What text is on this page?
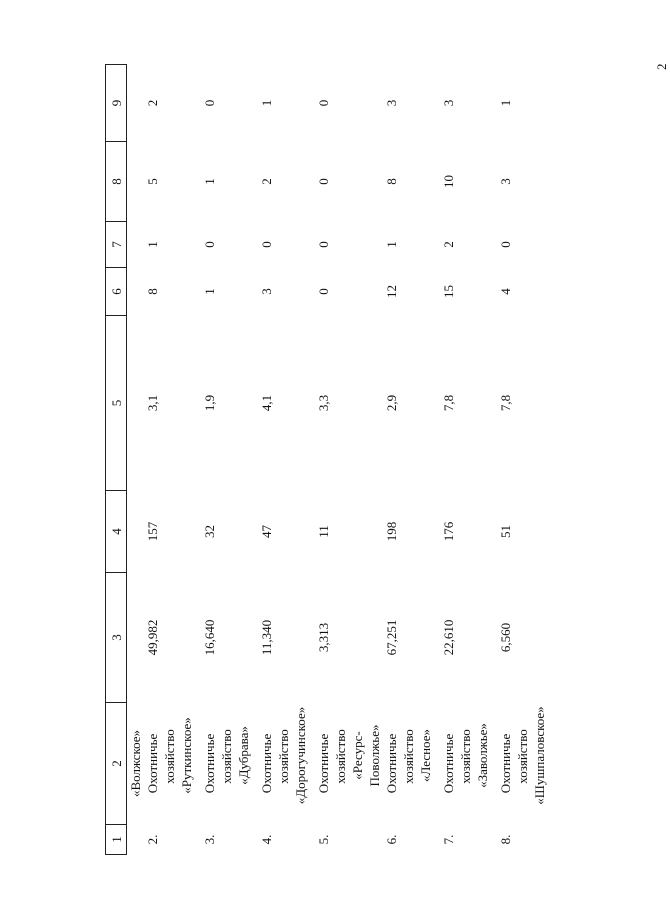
2
1	2	3	4	5	6	7	8	9

	«Волжское»							

2.	Охотничье хозяйство «Руткинское»	49,982	157	3,1	8	1	5	2
3.	Охотничье хозяйство «Дубрава»	16,640	32	1,9	1	0	1	0
4.	Охотничье хозяйство «Дорогучинское»	11,340	47	4,1	3	0	2	1
5.	Охотничье хозяйство «Ресурс- Поволжье»	3,313	11	3,3	0	0	0	0
6.	Охотничье хозяйство «Лесное»	67,251	198	2,9	12	1	8	3
7.	Охотничье хозяйство «Заволжье»	22,610	176	7,8	15	2	10	3
8.	Охотничье хозяйство «Шушпаловское»	6,560	51	7,8	4	0	3	1
